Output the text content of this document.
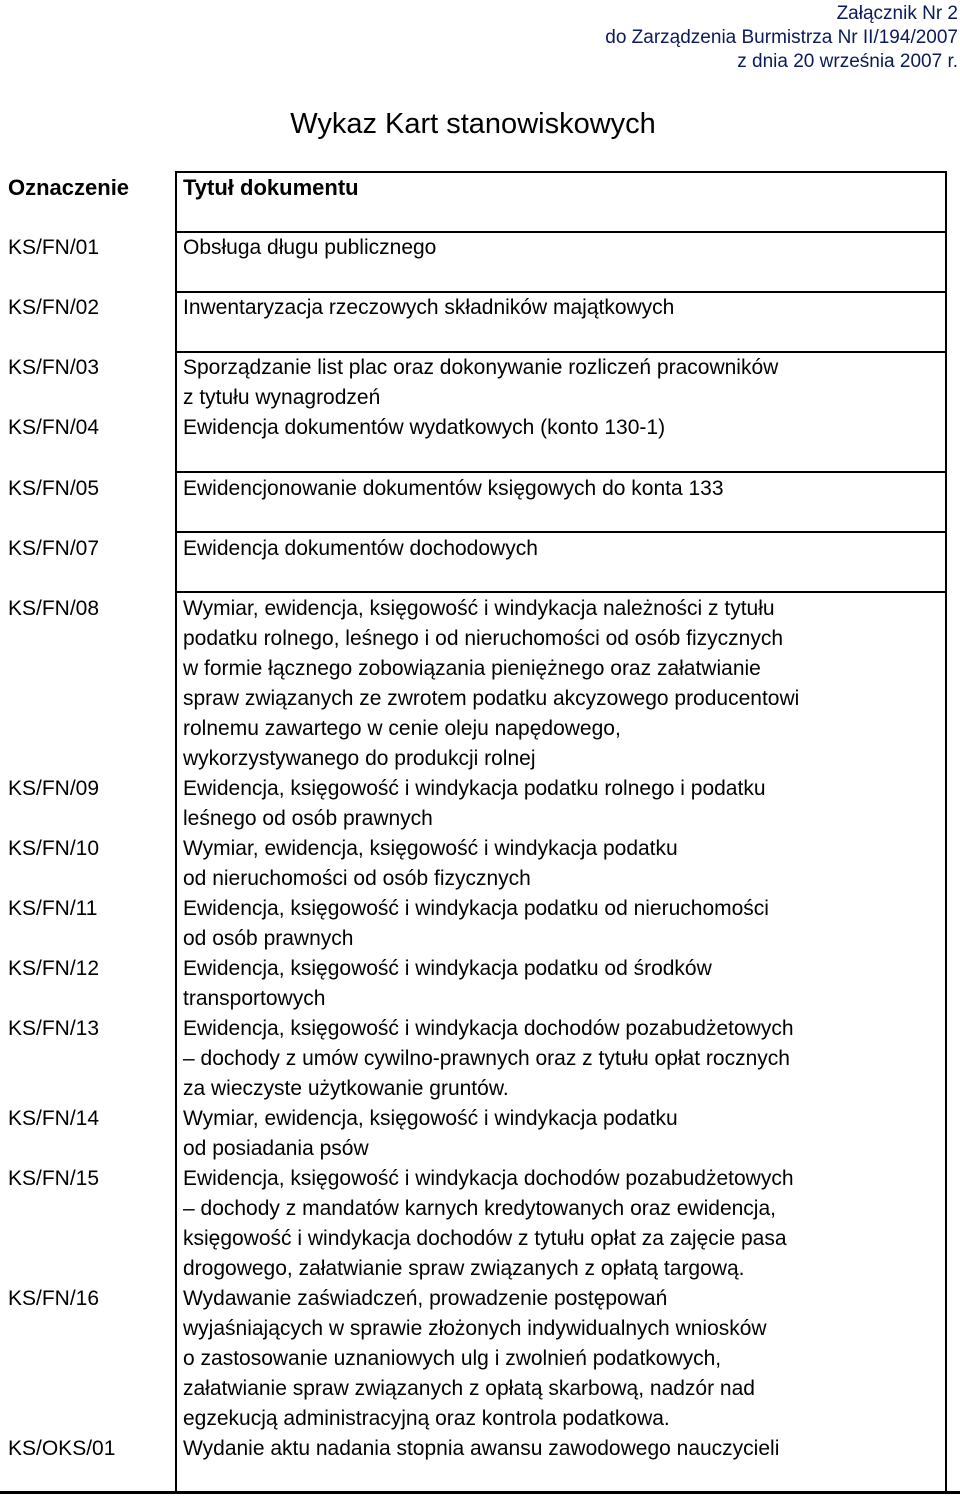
Załącznik Nr 2
do Zarządzenia Burmistrza Nr II/194/2007
z dnia 20 września 2007 r.
Wykaz Kart stanowiskowych
Oznaczenie Tytuł dokumentu
KS/FN/01	Obsługa długu publicznego
KS/FN/02	Inwentaryzacja rzeczowych składników majątkowych
KS/FN/03	Sporządzanie list plac oraz dokonywanie rozliczeń pracowników
z tytułu wynagrodzeń
KS/FN/04	Ewidencja dokumentów wydatkowych (konto 130-1)
KS/FN/05	Ewidencjonowanie dokumentów księgowych do konta 133
KS/FN/07	Ewidencja dokumentów dochodowych
KS/FN/08	Wymiar, ewidencja, księgowość i windykacja należności z tytułu
podatku rolnego, leśnego i od nieruchomości od osób fizycznych
w formie łącznego zobowiązania pieniężnego oraz załatwianie
spraw związanych ze zwrotem podatku akcyzowego producentowi
rolnemu zawartego w cenie oleju napędowego,
wykorzystywanego do produkcji rolnej
KS/FN/09	Ewidencja, księgowość i windykacja podatku rolnego i podatku
leśnego od osób prawnych
KS/FN/10	Wymiar, ewidencja, księgowość i windykacja podatku
od nieruchomości od osób fizycznych
KS/FN/11	Ewidencja, księgowość i windykacja podatku od nieruchomości
od osób prawnych
KS/FN/12	Ewidencja, księgowość i windykacja podatku od środków
transportowych
KS/FN/13	Ewidencja, księgowość i windykacja dochodów pozabudżetowych
– dochody z umów cywilno-prawnych oraz z tytułu opłat rocznych
za wieczyste użytkowanie gruntów.
KS/FN/14	Wymiar, ewidencja, księgowość i windykacja podatku
od posiadania psów
KS/FN/15	Ewidencja, księgowość i windykacja dochodów pozabudżetowych
– dochody z mandatów karnych kredytowanych oraz ewidencja,
księgowość i windykacja dochodów z tytułu opłat za zajęcie pasa
drogowego, załatwianie spraw związanych z opłatą targową.
KS/FN/16	Wydawanie zaświadczeń, prowadzenie postępowań
wyjaśniających w sprawie złożonych indywidualnych wniosków
o zastosowanie uznaniowych ulg i zwolnień podatkowych,
załatwianie spraw związanych z opłatą skarbową, nadzór nad
egzekucją administracyjną oraz kontrola podatkowa.
KS/OKS/01	Wydanie aktu nadania stopnia awansu zawodowego nauczycieli
